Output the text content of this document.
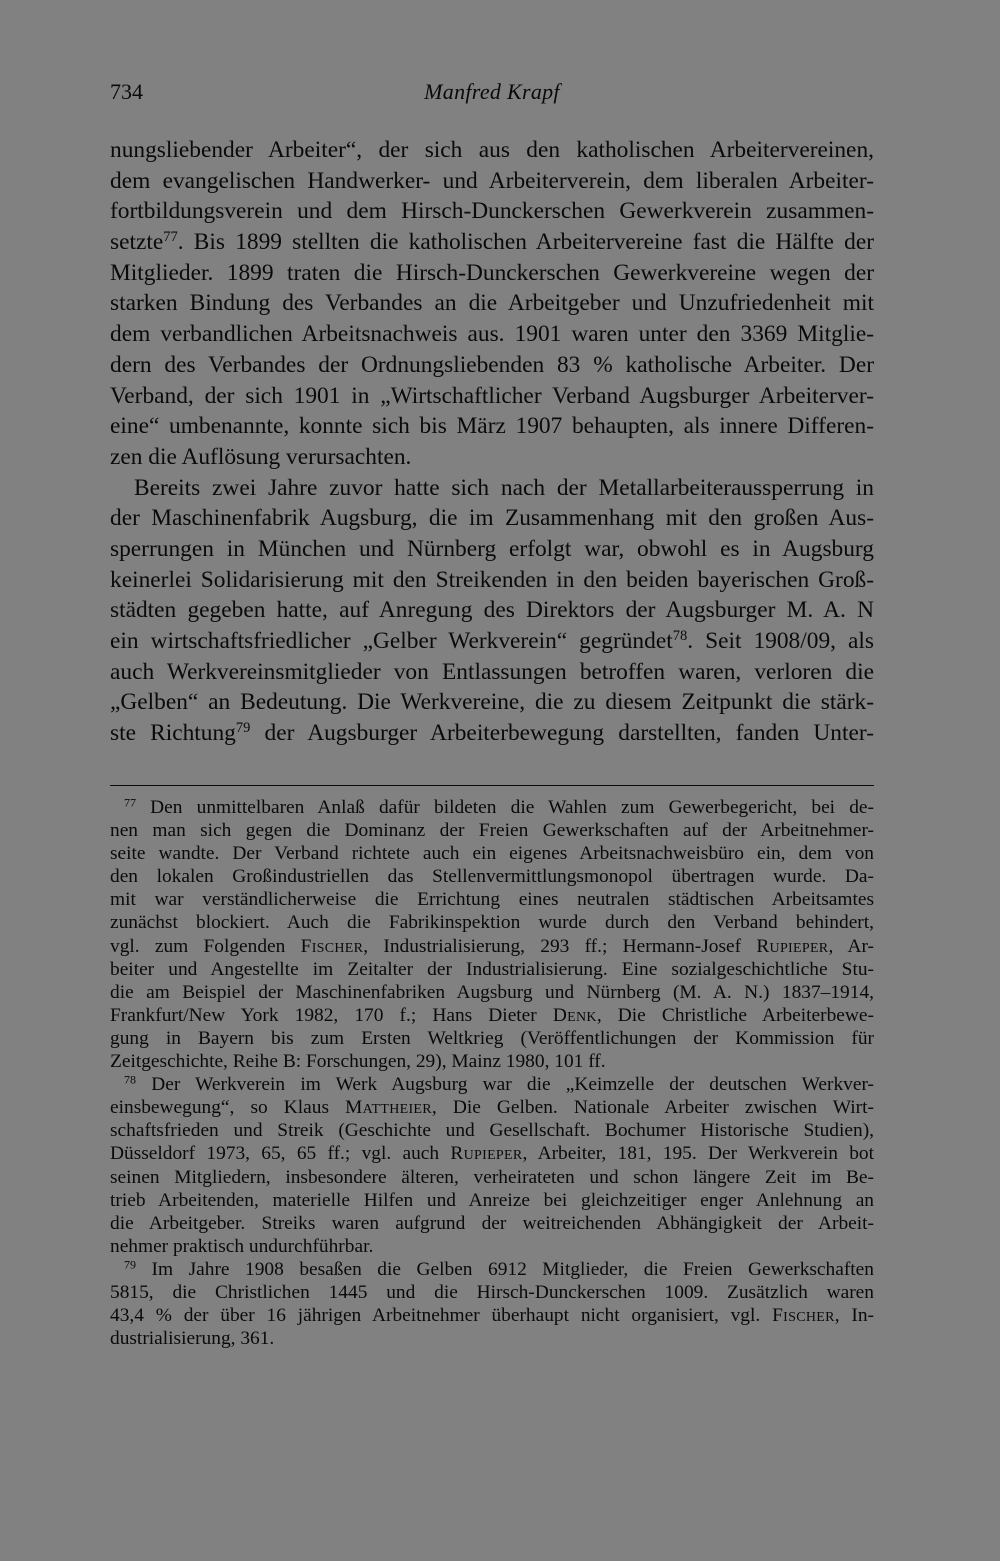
734	Manfred Krapf
nungsliebender Arbeiter“, der sich aus den katholischen Arbeitervereinen,
dem evangelischen Handwerker- und Arbeiterverein, dem liberalen Arbeiter-
fortbildungsverein und dem Hirsch-Dunckerschen Gewerkverein zusammen-
setzte$^{77}$. Bis 1899 stellten die katholischen Arbeitervereine fast die Hälfte der
Mitglieder. 1899 traten die Hirsch-Dunckerschen Gewerkvereine wegen der
starken Bindung des Verbandes an die Arbeitgeber und Unzufriedenheit mit
dem verbandlichen Arbeitsnachweis aus. 1901 waren unter den 3369 Mitglie-
dern des Verbandes der Ordnungsliebenden 83 % katholische Arbeiter. Der
Verband, der sich 1901 in „Wirtschaftlicher Verband Augsburger Arbeiterver-
eine“ umbenannte, konnte sich bis März 1907 behaupten, als innere Differen-
zen die Auflösung verursachten.
Bereits zwei Jahre zuvor hatte sich nach der Metallarbeiteraussperrung in
der Maschinenfabrik Augsburg, die im Zusammenhang mit den großen Aus-
sperrungen in München und Nürnberg erfolgt war, obwohl es in Augsburg
keinerlei Solidarisierung mit den Streikenden in den beiden bayerischen Groß-
städten gegeben hatte, auf Anregung des Direktors der Augsburger M. A. N
ein wirtschaftsfriedlicher „Gelber Werkverein“ gegründet$^{78}$. Seit 1908/09, als
auch Werkvereinsmitglieder von Entlassungen betroffen waren, verloren die
„Gelben“ an Bedeutung. Die Werkvereine, die zu diesem Zeitpunkt die stärk-
ste Richtung$^{79}$ der Augsburger Arbeiterbewegung darstellten, fanden Unter-
$^{77}$ Den unmittelbaren Anlaß dafür bildeten die Wahlen zum Gewerbegericht, bei de-
nen man sich gegen die Dominanz der Freien Gewerkschaften auf der Arbeitnehmer-
seite wandte. Der Verband richtete auch ein eigenes Arbeitsnachweisbüro ein, dem von
den lokalen Großindustriellen das Stellenvermittlungsmonopol übertragen wurde. Da-
mit war verständlicherweise die Errichtung eines neutralen städtischen Arbeitsamtes
zunächst blockiert. Auch die Fabrikinspektion wurde durch den Verband behindert,
vgl. zum Folgenden Fischer, Industrialisierung, 293 ff.; Hermann-Josef Rupieper, Ar-
beiter und Angestellte im Zeitalter der Industrialisierung. Eine sozialgeschichtliche Stu-
die am Beispiel der Maschinenfabriken Augsburg und Nürnberg (M. A. N.) 1837–1914,
Frankfurt/New York 1982, 170 f.; Hans Dieter Denk, Die Christliche Arbeiterbewe-
gung in Bayern bis zum Ersten Weltkrieg (Veröffentlichungen der Kommission für
Zeitgeschichte, Reihe B: Forschungen, 29), Mainz 1980, 101 ff.
$^{78}$ Der Werkverein im Werk Augsburg war die „Keimzelle der deutschen Werkver-
einsbewegung“, so Klaus Mattheier, Die Gelben. Nationale Arbeiter zwischen Wirt-
schaftsfrieden und Streik (Geschichte und Gesellschaft. Bochumer Historische Studien),
Düsseldorf 1973, 65, 65 ff.; vgl. auch Rupieper, Arbeiter, 181, 195. Der Werkverein bot
seinen Mitgliedern, insbesondere älteren, verheirateten und schon längere Zeit im Be-
trieb Arbeitenden, materielle Hilfen und Anreize bei gleichzeitiger enger Anlehnung an
die Arbeitgeber. Streiks waren aufgrund der weitreichenden Abhängigkeit der Arbeit-
nehmer praktisch undurchführbar.
$^{79}$ Im Jahre 1908 besaßen die Gelben 6912 Mitglieder, die Freien Gewerkschaften
5815, die Christlichen 1445 und die Hirsch-Dunckerschen 1009. Zusätzlich waren
43,4 % der über 16 jährigen Arbeitnehmer überhaupt nicht organisiert, vgl. Fischer, In-
dustrialisierung, 361.
